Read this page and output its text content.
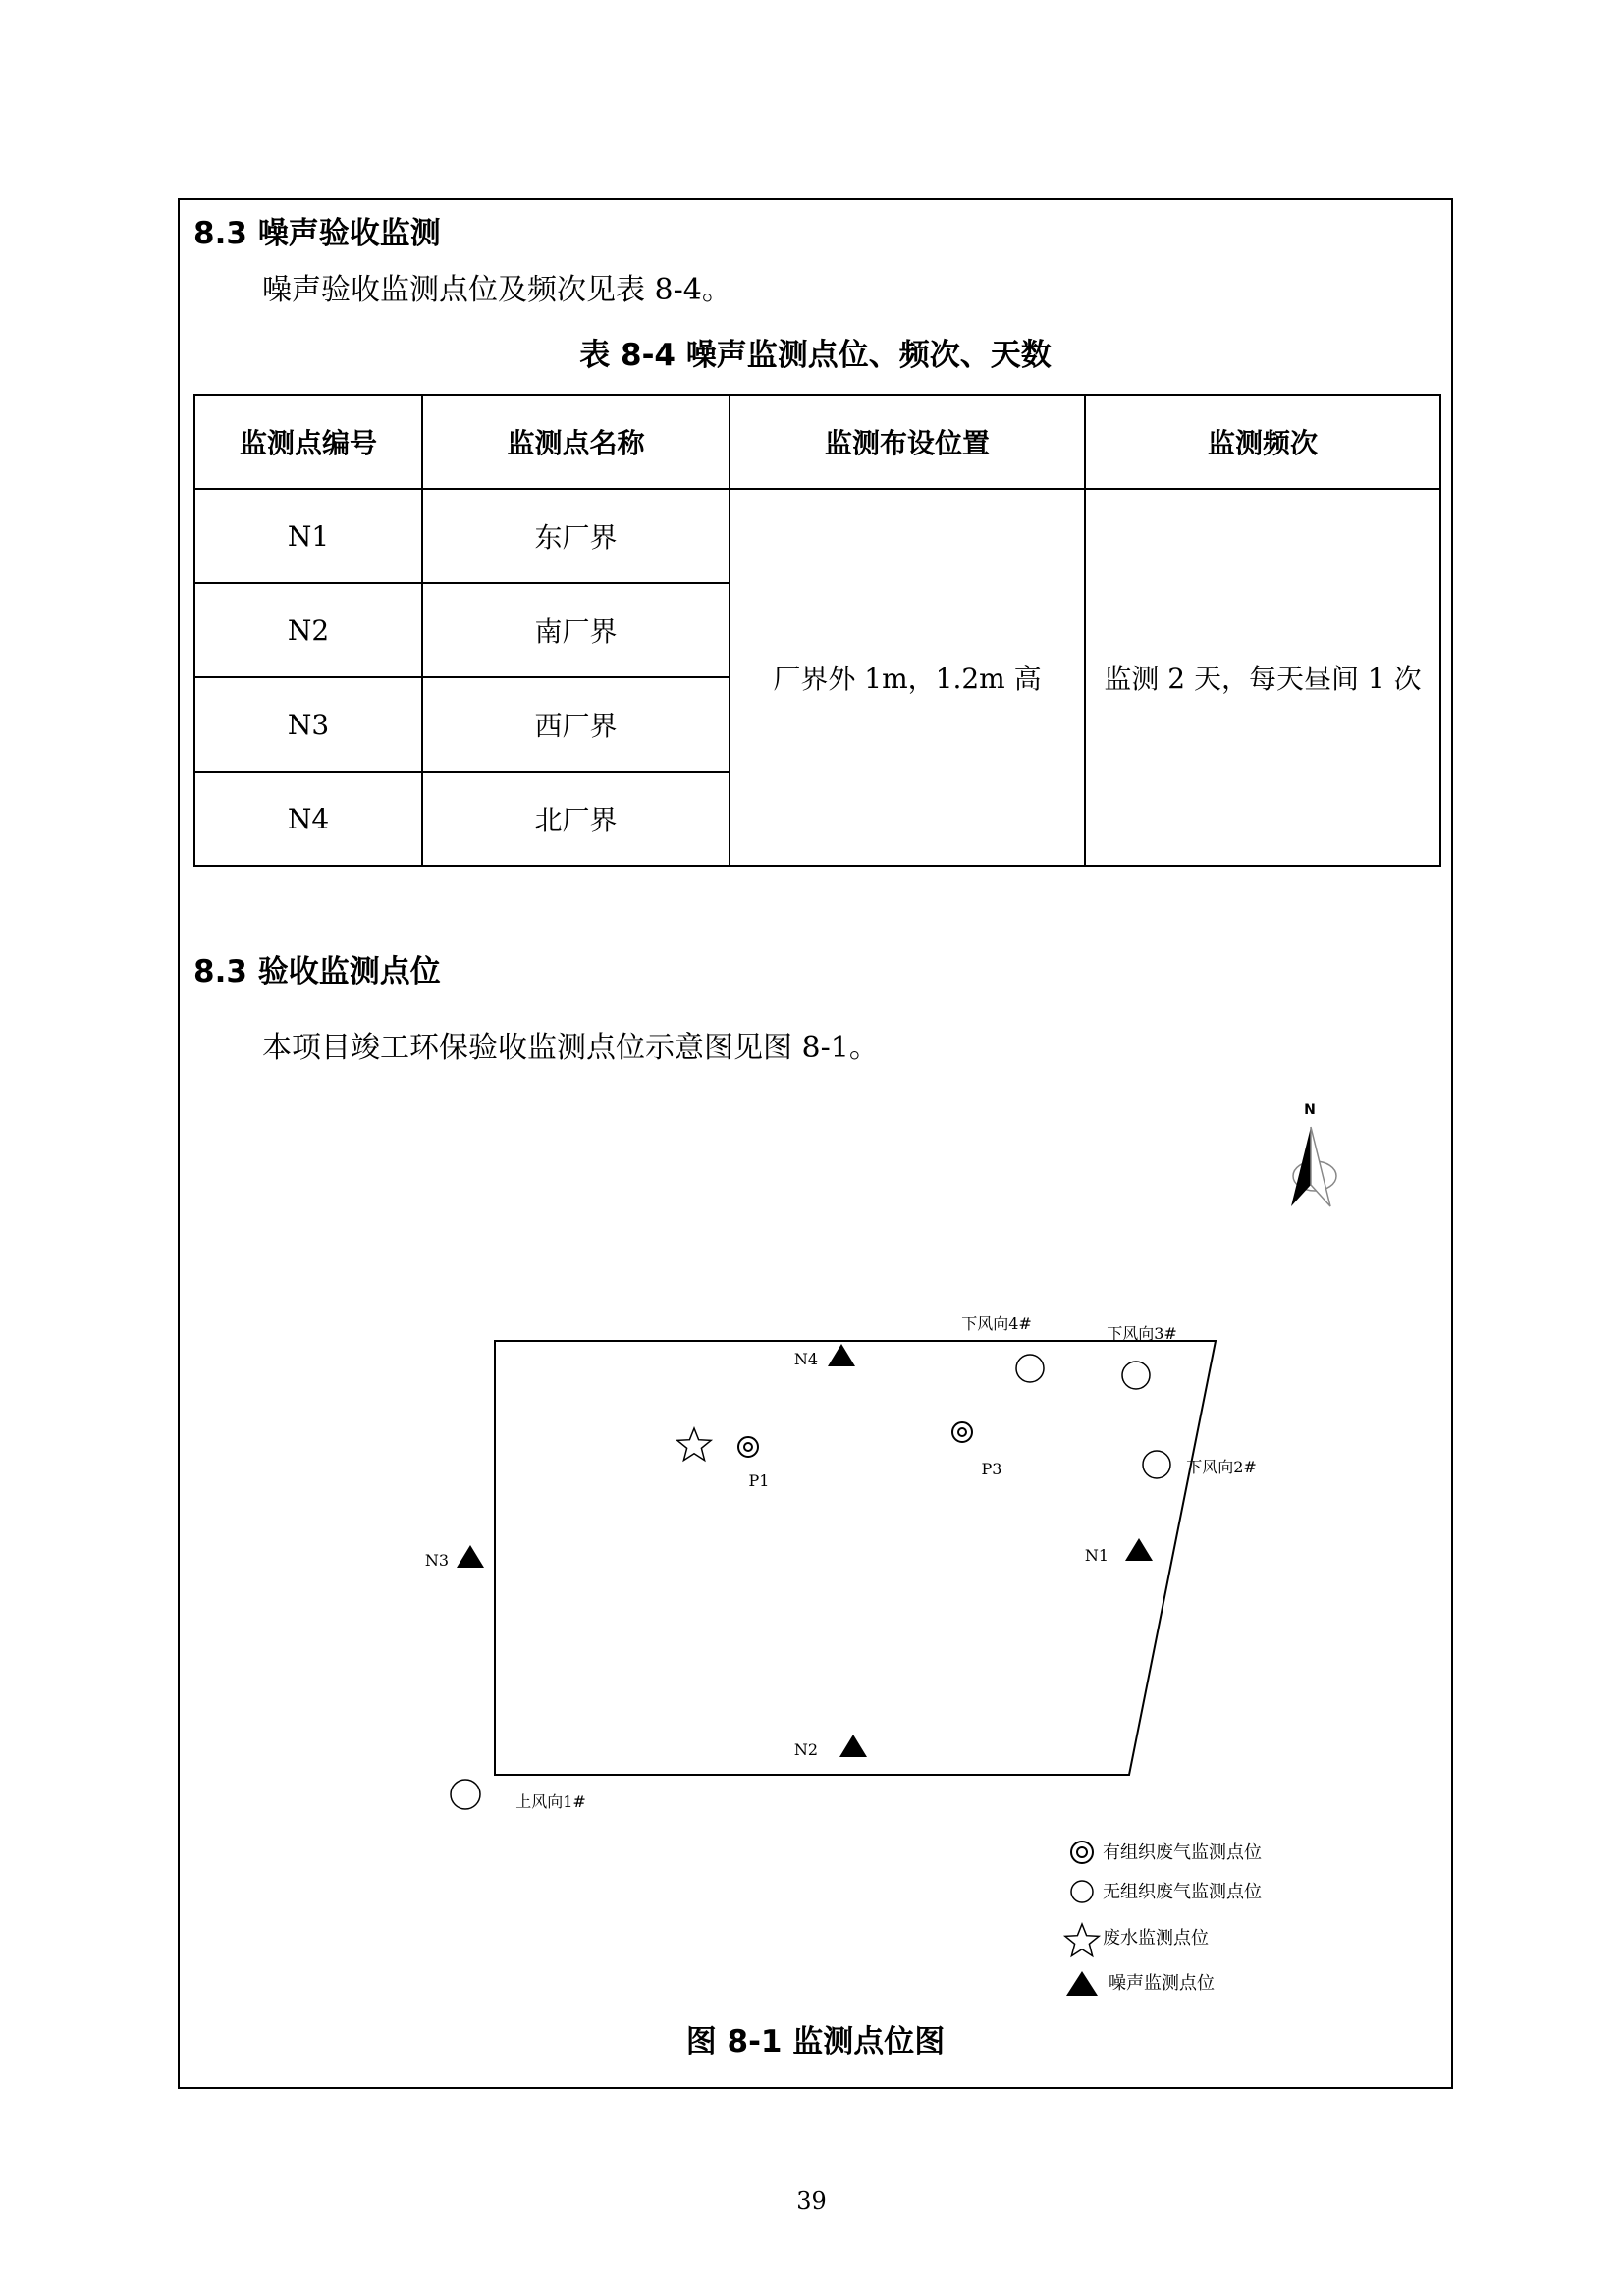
8.3 噪声验收监测
噪声验收监测点位及频次见表 8-4。
表 8-4 噪声监测点位、频次、天数
监测点编号	监测点名称	监测布设位置	监测频次
N1	东厂界	厂界外 1m，1.2m 高	监测 2 天，每天昼间 1 次
N2	南厂界		
N3	西厂界		
N4	北厂界		
8.3 验收监测点位
本项目竣工环保验收监测点位示意图见图 8-1。
N
N4
N3	N1
N2
P1
P3
下风向4#
下风向3#
下风向2#
上风向1#
有组织废气监测点位
无组织废气监测点位
废水监测点位
噪声监测点位
图 8-1 监测点位图
39
